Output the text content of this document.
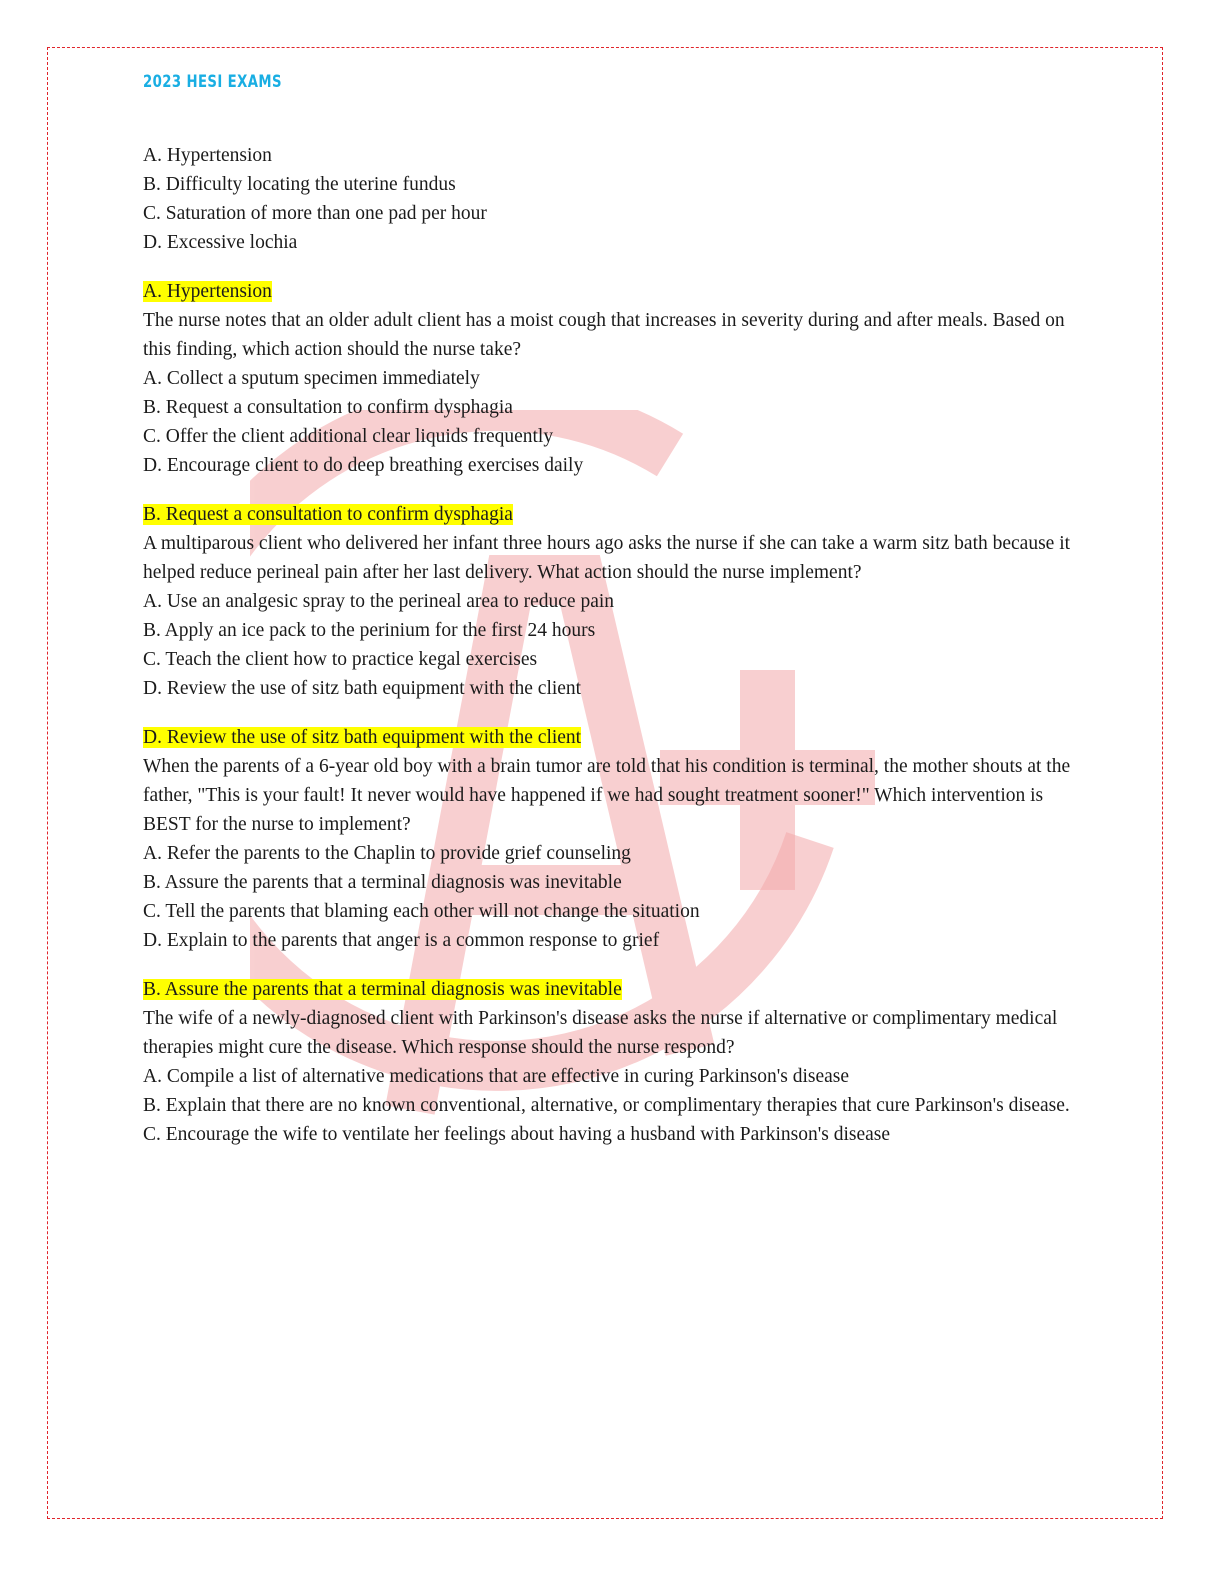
2023 HESI EXAMS

A. Hypertension

B. Difficulty locating the uterine fundus

C. Saturation of more than one pad per hour

D. Excessive lochia

A. Hypertension

The nurse notes that an older adult client has a moist cough that increases in severity during and after meals. Based on this finding, which action should the nurse take?

A. Collect a sputum specimen immediately

B. Request a consultation to confirm dysphagia

C. Offer the client additional clear liquids frequently

D. Encourage client to do deep breathing exercises daily

B. Request a consultation to confirm dysphagia

A multiparous client who delivered her infant three hours ago asks the nurse if she can take a warm sitz bath because it helped reduce perineal pain after her last delivery. What action should the nurse implement?

A. Use an analgesic spray to the perineal area to reduce pain

B. Apply an ice pack to the perinium for the first 24 hours

C. Teach the client how to practice kegal exercises

D. Review the use of sitz bath equipment with the client

D. Review the use of sitz bath equipment with the client

When the parents of a 6-year old boy with a brain tumor are told that his condition is terminal, the mother shouts at the father, "This is your fault! It never would have happened if we had sought treatment sooner!" Which intervention is BEST for the nurse to implement?

A. Refer the parents to the Chaplin to provide grief counseling

B. Assure the parents that a terminal diagnosis was inevitable

C. Tell the parents that blaming each other will not change the situation

D. Explain to the parents that anger is a common response to grief

B. Assure the parents that a terminal diagnosis was inevitable

The wife of a newly-diagnosed client with Parkinson's disease asks the nurse if alternative or complimentary medical therapies might cure the disease. Which response should the nurse respond?

A. Compile a list of alternative medications that are effective in curing Parkinson's disease

B. Explain that there are no known conventional, alternative, or complimentary therapies that cure Parkinson's disease.

C. Encourage the wife to ventilate her feelings about having a husband with Parkinson's disease
